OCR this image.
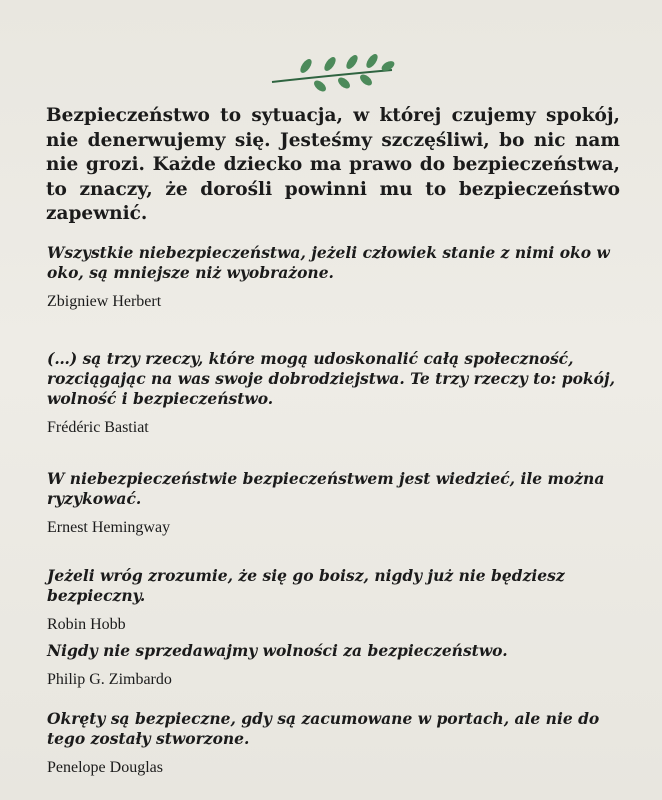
Bezpieczeństwo to sytuacja, w której czujemy spokój, nie denerwujemy się. Jesteśmy szczęśliwi, bo nic nam nie grozi. Każde dziecko ma prawo do bezpieczeństwa, to znaczy, że dorośli powinni mu to bezpieczeństwo zapewnić.

Wszystkie niebezpieczeństwa, jeżeli człowiek stanie z nimi oko w oko, są mniejsze niż wyobrażone.

Zbigniew Herbert

(…) są trzy rzeczy, które mogą udoskonalić całą społeczność, rozciągając na was swoje dobrodziejstwa. Te trzy rzeczy to: pokój, wolność i bezpieczeństwo.

Frédéric Bastiat

W niebezpieczeństwie bezpieczeństwem jest wiedzieć, ile można ryzykować.

Ernest Hemingway

Jeżeli wróg zrozumie, że się go boisz, nigdy już nie będziesz bezpieczny.

Robin Hobb

Nigdy nie sprzedawajmy wolności za bezpieczeństwo.

Philip G. Zimbardo

Okręty są bezpieczne, gdy są zacumowane w portach, ale nie do tego zostały stworzone.

Penelope Douglas
